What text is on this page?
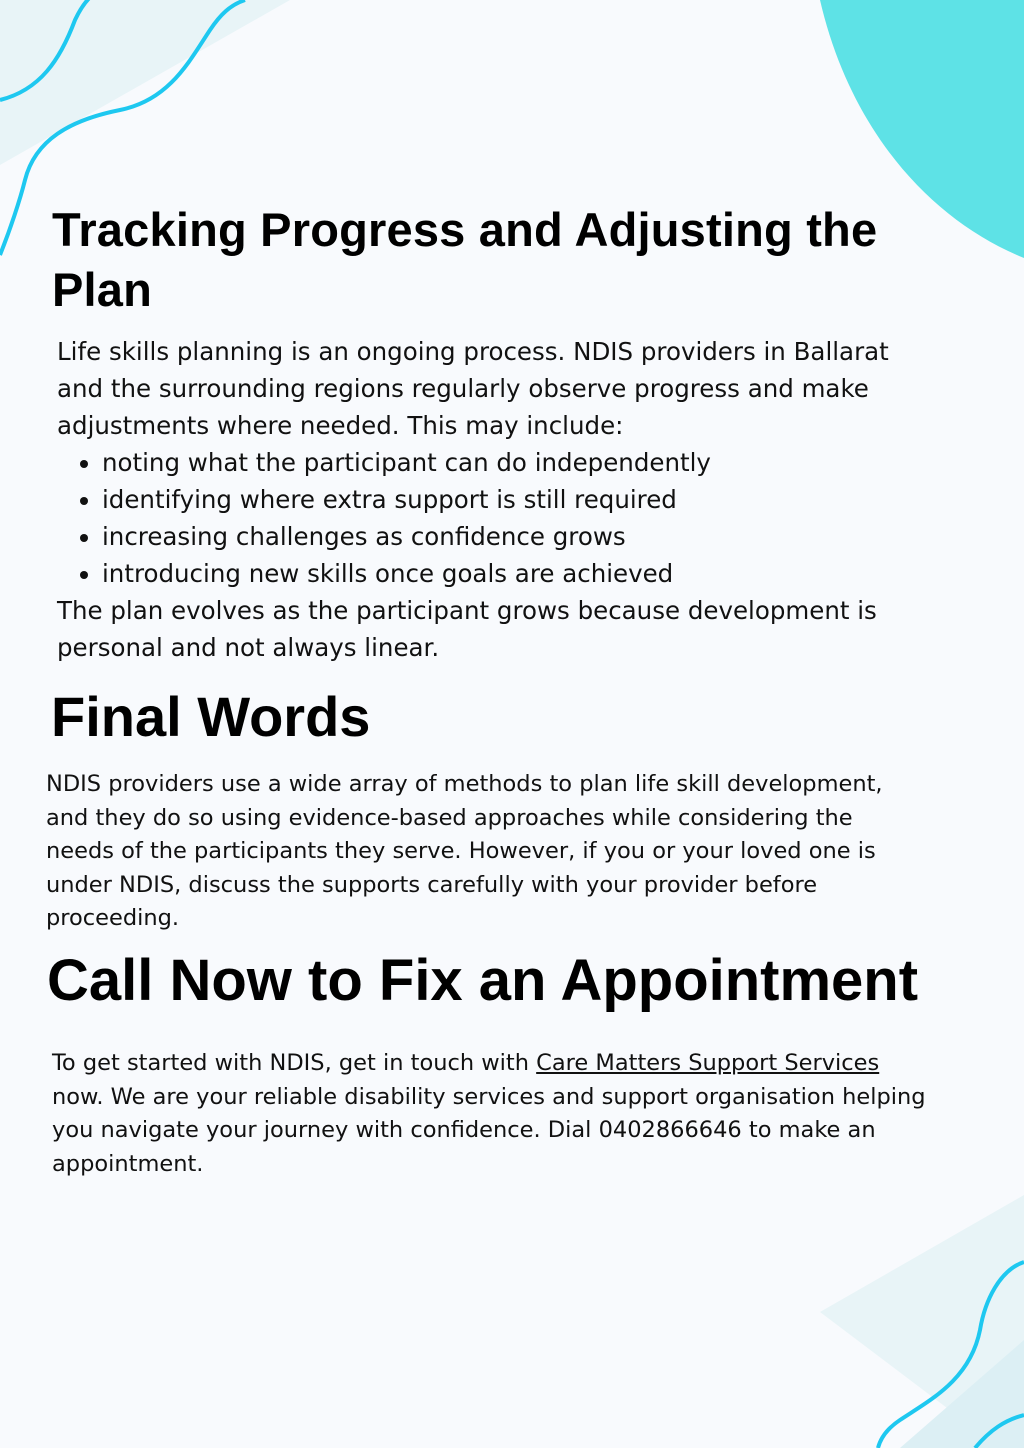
Tracking Progress and Adjusting the Plan

Life skills planning is an ongoing process. NDIS providers in Ballarat and the surrounding regions regularly observe progress and make adjustments where needed. This may include:

• noting what the participant can do independently
• identifying where extra support is still required
• increasing challenges as confidence grows
• introducing new skills once goals are achieved

The plan evolves as the participant grows because development is personal and not always linear.

Final Words

NDIS providers use a wide array of methods to plan life skill development, and they do so using evidence-based approaches while considering the needs of the participants they serve. However, if you or your loved one is under NDIS, discuss the supports carefully with your provider before proceeding.

Call Now to Fix an Appointment

To get started with NDIS, get in touch with Care Matters Support Services now. We are your reliable disability services and support organisation helping you navigate your journey with confidence. Dial 0402866646 to make an appointment.
